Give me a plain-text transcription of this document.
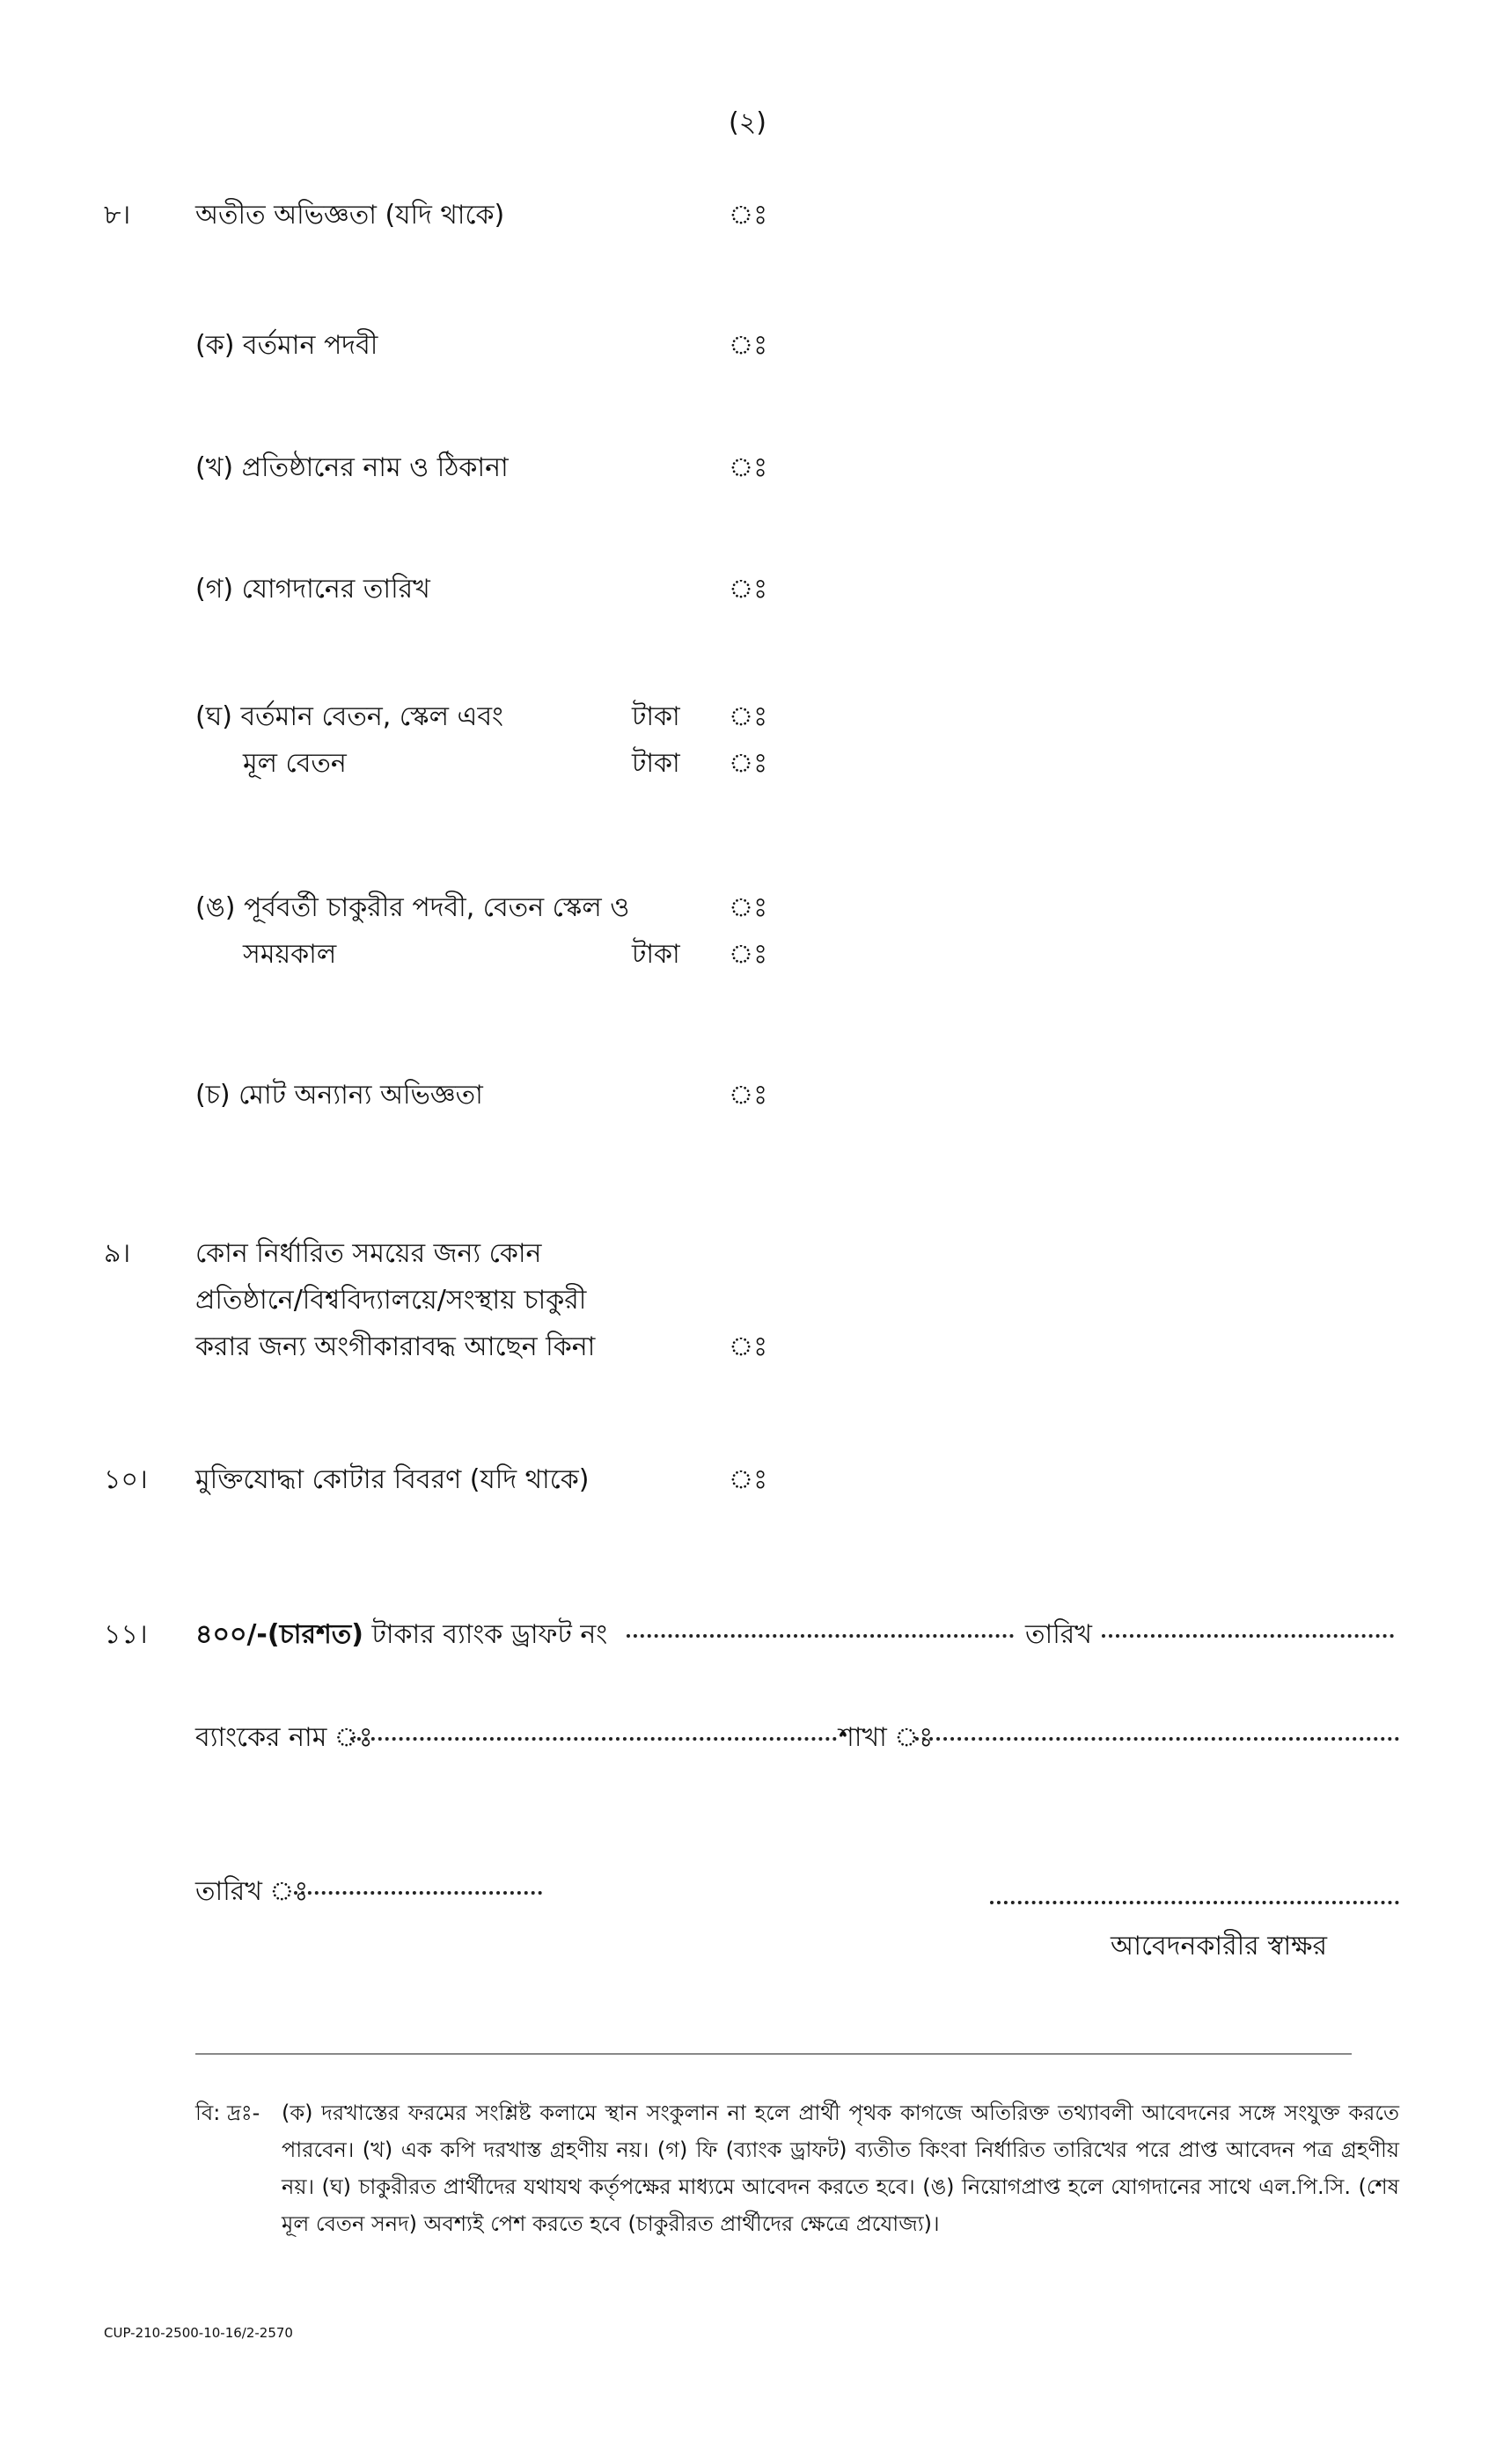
(২)
৮। অতীত অভিজ্ঞতা (যদি থাকে)	ঃ
(ক) বর্তমান পদবী	ঃ
(খ) প্রতিষ্ঠানের নাম ও ঠিকানা	ঃ
(গ) যোগদানের তারিখ	ঃ
(ঘ) বর্তমান বেতন, স্কেল এবং	টাকা ঃ
মূল বেতন	টাকা ঃ
(ঙ) পূর্ববর্তী চাকুরীর পদবী, বেতন স্কেল ও	ঃ
সময়কাল	টাকা ঃ
(চ) মোট অন্যান্য অভিজ্ঞতা	ঃ
৯। কোন নির্ধারিত সময়ের জন্য কোন
প্রতিষ্ঠানে/বিশ্ববিদ্যালয়ে/সংস্থায় চাকুরী
করার জন্য অংগীকারাবদ্ধ আছেন কিনা	ঃ
১০। মুক্তিযোদ্ধা কোটার বিবরণ (যদি থাকে)	ঃ
১১। ৪০০/-(চারশত) টাকার ব্যাংক ড্রাফট নং	তারিখ
ব্যাংকের নাম ঃ	শাখা ঃ
তারিখ ঃ
আবেদনকারীর স্বাক্ষর
বি: দ্রঃ- (ক) দরখাস্তের ফরমের সংশ্লিষ্ট কলামে স্থান সংকুলান না হলে প্রার্থী পৃথক কাগজে অতিরিক্ত তথ্যাবলী আবেদনের সঙ্গে সংযুক্ত করতে পারবেন। (খ) এক কপি দরখাস্ত গ্রহণীয় নয়। (গ) ফি (ব্যাংক ড্রাফট) ব্যতীত কিংবা নির্ধারিত তারিখের পরে প্রাপ্ত আবেদন পত্র গ্রহণীয় নয়। (ঘ) চাকুরীরত প্রার্থীদের যথাযথ কর্তৃপক্ষের মাধ্যমে আবেদন করতে হবে। (ঙ) নিয়োগপ্রাপ্ত হলে যোগদানের সাথে এল.পি.সি. (শেষ মূল বেতন সনদ) অবশ্যই পেশ করতে হবে (চাকুরীরত প্রার্থীদের ক্ষেত্রে প্রযোজ্য)।
CUP-210-2500-10-16/2-2570
